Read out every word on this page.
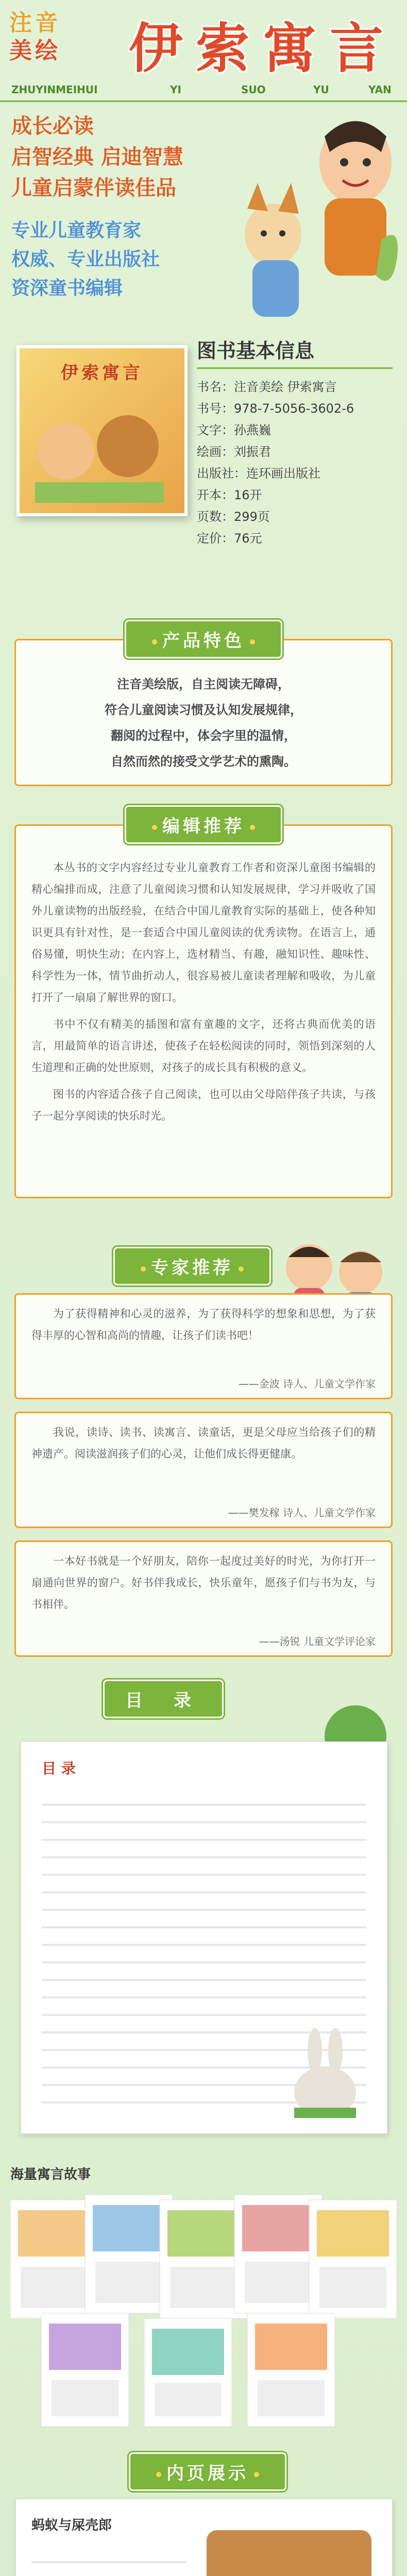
注音
美绘	伊索寓言
ZHUYINMEIHUI	YI	SUO	YU	YAN
成长必读
启智经典 启迪智慧
儿童启蒙伴读佳品
专业儿童教育家
权威、专业出版社
资深童书编辑
伊索寓言
图书基本信息
书名：注音美绘 伊索寓言
书号：978-7-5056-3602-6
文字：孙燕巍
绘画：刘振君
出版社：连环画出版社
开本：16开
页数：299页
定价：76元
产品特色
注音美绘版，自主阅读无障碍，
符合儿童阅读习惯及认知发展规律，
翻阅的过程中，体会字里的温情，
自然而然的接受文学艺术的熏陶。
编辑推荐

本丛书的文字内容经过专业儿童教育工作者和资深儿童图书编辑的精心编排而成，注意了儿童阅读习惯和认知发展规律，学习并吸收了国外儿童读物的出版经验，在结合中国儿童教育实际的基础上，使各种知识更具有针对性，是一套适合中国儿童阅读的优秀读物。在语言上，通俗易懂，明快生动；在内容上，选材精当、有趣，融知识性、趣味性、科学性为一体，情节曲折动人，很容易被儿童读者理解和吸收，为儿童打开了一扇扇了解世界的窗口。

书中不仅有精美的插图和富有童趣的文字，还将古典而优美的语言，用最简单的语言讲述，使孩子在轻松阅读的同时，领悟到深刻的人生道理和正确的处世原则，对孩子的成长具有积极的意义。

图书的内容适合孩子自己阅读，也可以由父母陪伴孩子共读，与孩子一起分享阅读的快乐时光。

专家推荐

为了获得精神和心灵的滋养，为了获得科学的想象和思想，为了获得丰厚的心智和高尚的情趣，让孩子们读书吧！

——金波 诗人、儿童文学作家

我说，读诗、读书、读寓言、读童话，更是父母应当给孩子们的精神遗产。阅读滋润孩子们的心灵，让他们成长得更健康。

——樊发稼 诗人、儿童文学作家

一本好书就是一个好朋友，陪你一起度过美好的时光，为你打开一扇通向世界的窗户。好书伴我成长，快乐童年，愿孩子们与书为友，与书相伴。

——汤锐 儿童文学评论家
目录
目 录
海量寓言故事
内页展示
蚂蚁与屎壳郎
